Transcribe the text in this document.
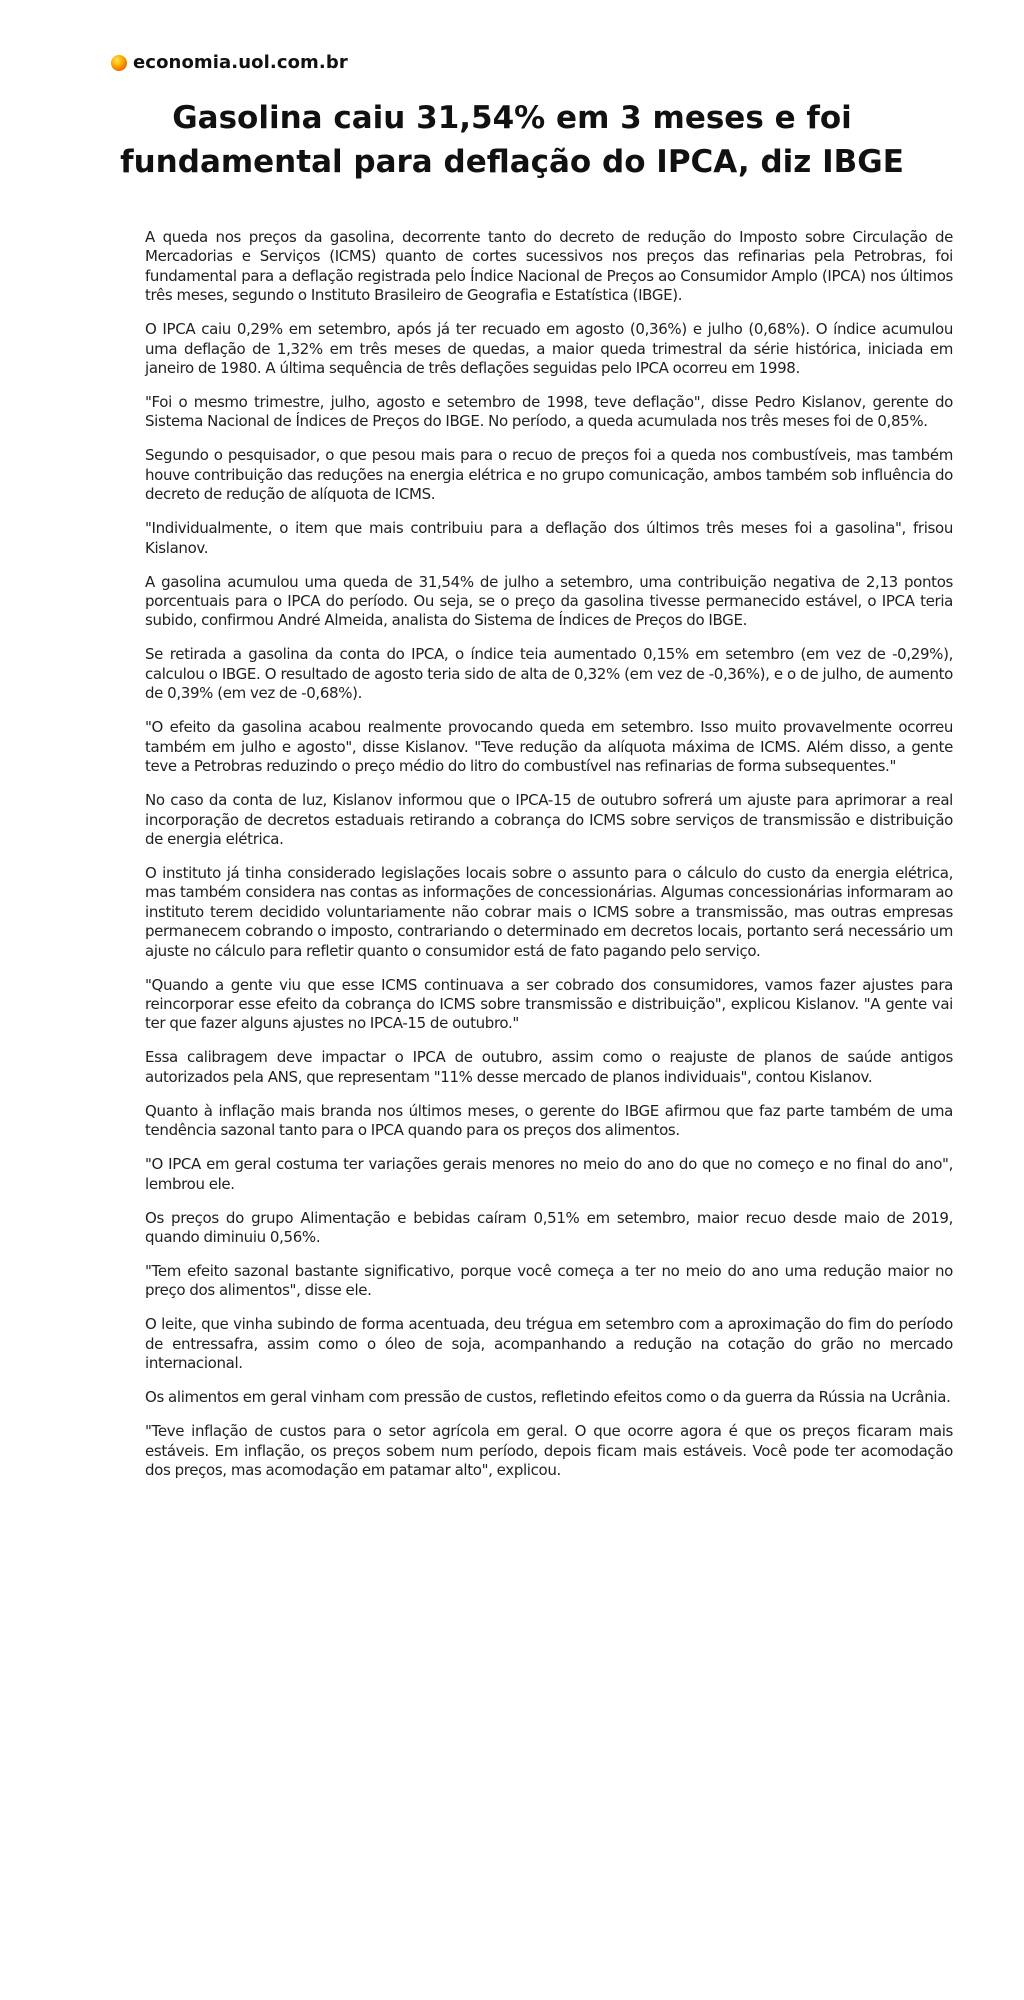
economia.uol.com.br
Gasolina caiu 31,54% em 3 meses e foi fundamental para deflação do IPCA, diz IBGE

A queda nos preços da gasolina, decorrente tanto do decreto de redução do Imposto sobre Circulação de Mercadorias e Serviços (ICMS) quanto de cortes sucessivos nos preços das refinarias pela Petrobras, foi fundamental para a deflação registrada pelo Índice Nacional de Preços ao Consumidor Amplo (IPCA) nos últimos três meses, segundo o Instituto Brasileiro de Geografia e Estatística (IBGE).

O IPCA caiu 0,29% em setembro, após já ter recuado em agosto (0,36%) e julho (0,68%). O índice acumulou uma deflação de 1,32% em três meses de quedas, a maior queda trimestral da série histórica, iniciada em janeiro de 1980. A última sequência de três deflações seguidas pelo IPCA ocorreu em 1998.

"Foi o mesmo trimestre, julho, agosto e setembro de 1998, teve deflação", disse Pedro Kislanov, gerente do Sistema Nacional de Índices de Preços do IBGE. No período, a queda acumulada nos três meses foi de 0,85%.

Segundo o pesquisador, o que pesou mais para o recuo de preços foi a queda nos combustíveis, mas também houve contribuição das reduções na energia elétrica e no grupo comunicação, ambos também sob influência do decreto de redução de alíquota de ICMS.

"Individualmente, o item que mais contribuiu para a deflação dos últimos três meses foi a gasolina", frisou Kislanov.

A gasolina acumulou uma queda de 31,54% de julho a setembro, uma contribuição negativa de 2,13 pontos porcentuais para o IPCA do período. Ou seja, se o preço da gasolina tivesse permanecido estável, o IPCA teria subido, confirmou André Almeida, analista do Sistema de Índices de Preços do IBGE.

Se retirada a gasolina da conta do IPCA, o índice teia aumentado 0,15% em setembro (em vez de -0,29%), calculou o IBGE. O resultado de agosto teria sido de alta de 0,32% (em vez de -0,36%), e o de julho, de aumento de 0,39% (em vez de -0,68%).

"O efeito da gasolina acabou realmente provocando queda em setembro. Isso muito provavelmente ocorreu também em julho e agosto", disse Kislanov. "Teve redução da alíquota máxima de ICMS. Além disso, a gente teve a Petrobras reduzindo o preço médio do litro do combustível nas refinarias de forma subsequentes."

No caso da conta de luz, Kislanov informou que o IPCA-15 de outubro sofrerá um ajuste para aprimorar a real incorporação de decretos estaduais retirando a cobrança do ICMS sobre serviços de transmissão e distribuição de energia elétrica.

O instituto já tinha considerado legislações locais sobre o assunto para o cálculo do custo da energia elétrica, mas também considera nas contas as informações de concessionárias. Algumas concessionárias informaram ao instituto terem decidido voluntariamente não cobrar mais o ICMS sobre a transmissão, mas outras empresas permanecem cobrando o imposto, contrariando o determinado em decretos locais, portanto será necessário um ajuste no cálculo para refletir quanto o consumidor está de fato pagando pelo serviço.

"Quando a gente viu que esse ICMS continuava a ser cobrado dos consumidores, vamos fazer ajustes para reincorporar esse efeito da cobrança do ICMS sobre transmissão e distribuição", explicou Kislanov. "A gente vai ter que fazer alguns ajustes no IPCA-15 de outubro."

Essa calibragem deve impactar o IPCA de outubro, assim como o reajuste de planos de saúde antigos autorizados pela ANS, que representam "11% desse mercado de planos individuais", contou Kislanov.

Quanto à inflação mais branda nos últimos meses, o gerente do IBGE afirmou que faz parte também de uma tendência sazonal tanto para o IPCA quando para os preços dos alimentos.

"O IPCA em geral costuma ter variações gerais menores no meio do ano do que no começo e no final do ano", lembrou ele.

Os preços do grupo Alimentação e bebidas caíram 0,51% em setembro, maior recuo desde maio de 2019, quando diminuiu 0,56%.

"Tem efeito sazonal bastante significativo, porque você começa a ter no meio do ano uma redução maior no preço dos alimentos", disse ele.

O leite, que vinha subindo de forma acentuada, deu trégua em setembro com a aproximação do fim do período de entressafra, assim como o óleo de soja, acompanhando a redução na cotação do grão no mercado internacional.

Os alimentos em geral vinham com pressão de custos, refletindo efeitos como o da guerra da Rússia na Ucrânia.

"Teve inflação de custos para o setor agrícola em geral. O que ocorre agora é que os preços ficaram mais estáveis. Em inflação, os preços sobem num período, depois ficam mais estáveis. Você pode ter acomodação dos preços, mas acomodação em patamar alto", explicou.
